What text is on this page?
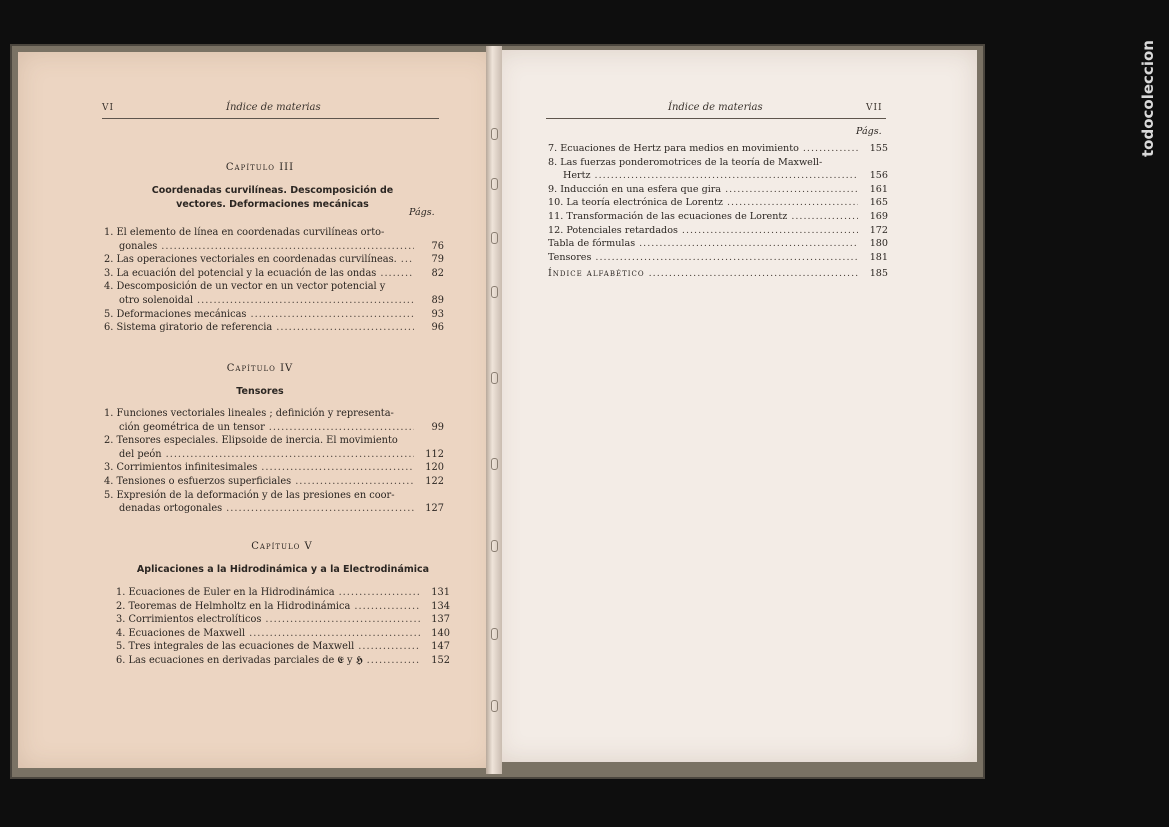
VI	Índice de materias
Capítulo III
Coordenadas curvilíneas. Descomposición de
vectores. Deformaciones mecánicas
Págs.
1. El elemento de línea en coordenadas curvilíneas orto-
gonales .....	76
2. Las operaciones vectoriales en coordenadas curvilíneas. .....	79
3. La ecuación del potencial y la ecuación de las ondas .....	82
4. Descomposición de un vector en un vector potencial y
otro solenoidal .....	89
5. Deformaciones mecánicas .....	93
6. Sistema giratorio de referencia .....	96
Capítulo IV
Tensores
1. Funciones vectoriales lineales ; definición y representa-
ción geométrica de un tensor .....	99
2. Tensores especiales. Elipsoide de inercia. El movimiento
del peón .....	112
3. Corrimientos infinitesimales .....	120
4. Tensiones o esfuerzos superficiales .....	122
5. Expresión de la deformación y de las presiones en coor-
denadas ortogonales .....	127
Capítulo V
Aplicaciones a la Hidrodinámica y a la Electrodinámica
1. Ecuaciones de Euler en la Hidrodinámica .....	131
2. Teoremas de Helmholtz en la Hidrodinámica .....	134
3. Corrimientos electrolíticos .....	137
4. Ecuaciones de Maxwell .....	140
5. Tres integrales de las ecuaciones de Maxwell .....	147
6. Las ecuaciones en derivadas parciales de 𝕰 y 𝕳 .....	152
Índice de materias	VII
Págs.
7. Ecuaciones de Hertz para medios en movimiento .....	155
8. Las fuerzas ponderomotrices de la teoría de Maxwell-
Hertz .....	156
9. Inducción en una esfera que gira .....	161
10. La teoría electrónica de Lorentz .....	165
11. Transformación de las ecuaciones de Lorentz .....	169
12. Potenciales retardados .....	172
Tabla de fórmulas .....	180
Tensores .....	181
Índice alfabético .....	185
todocoleccion
